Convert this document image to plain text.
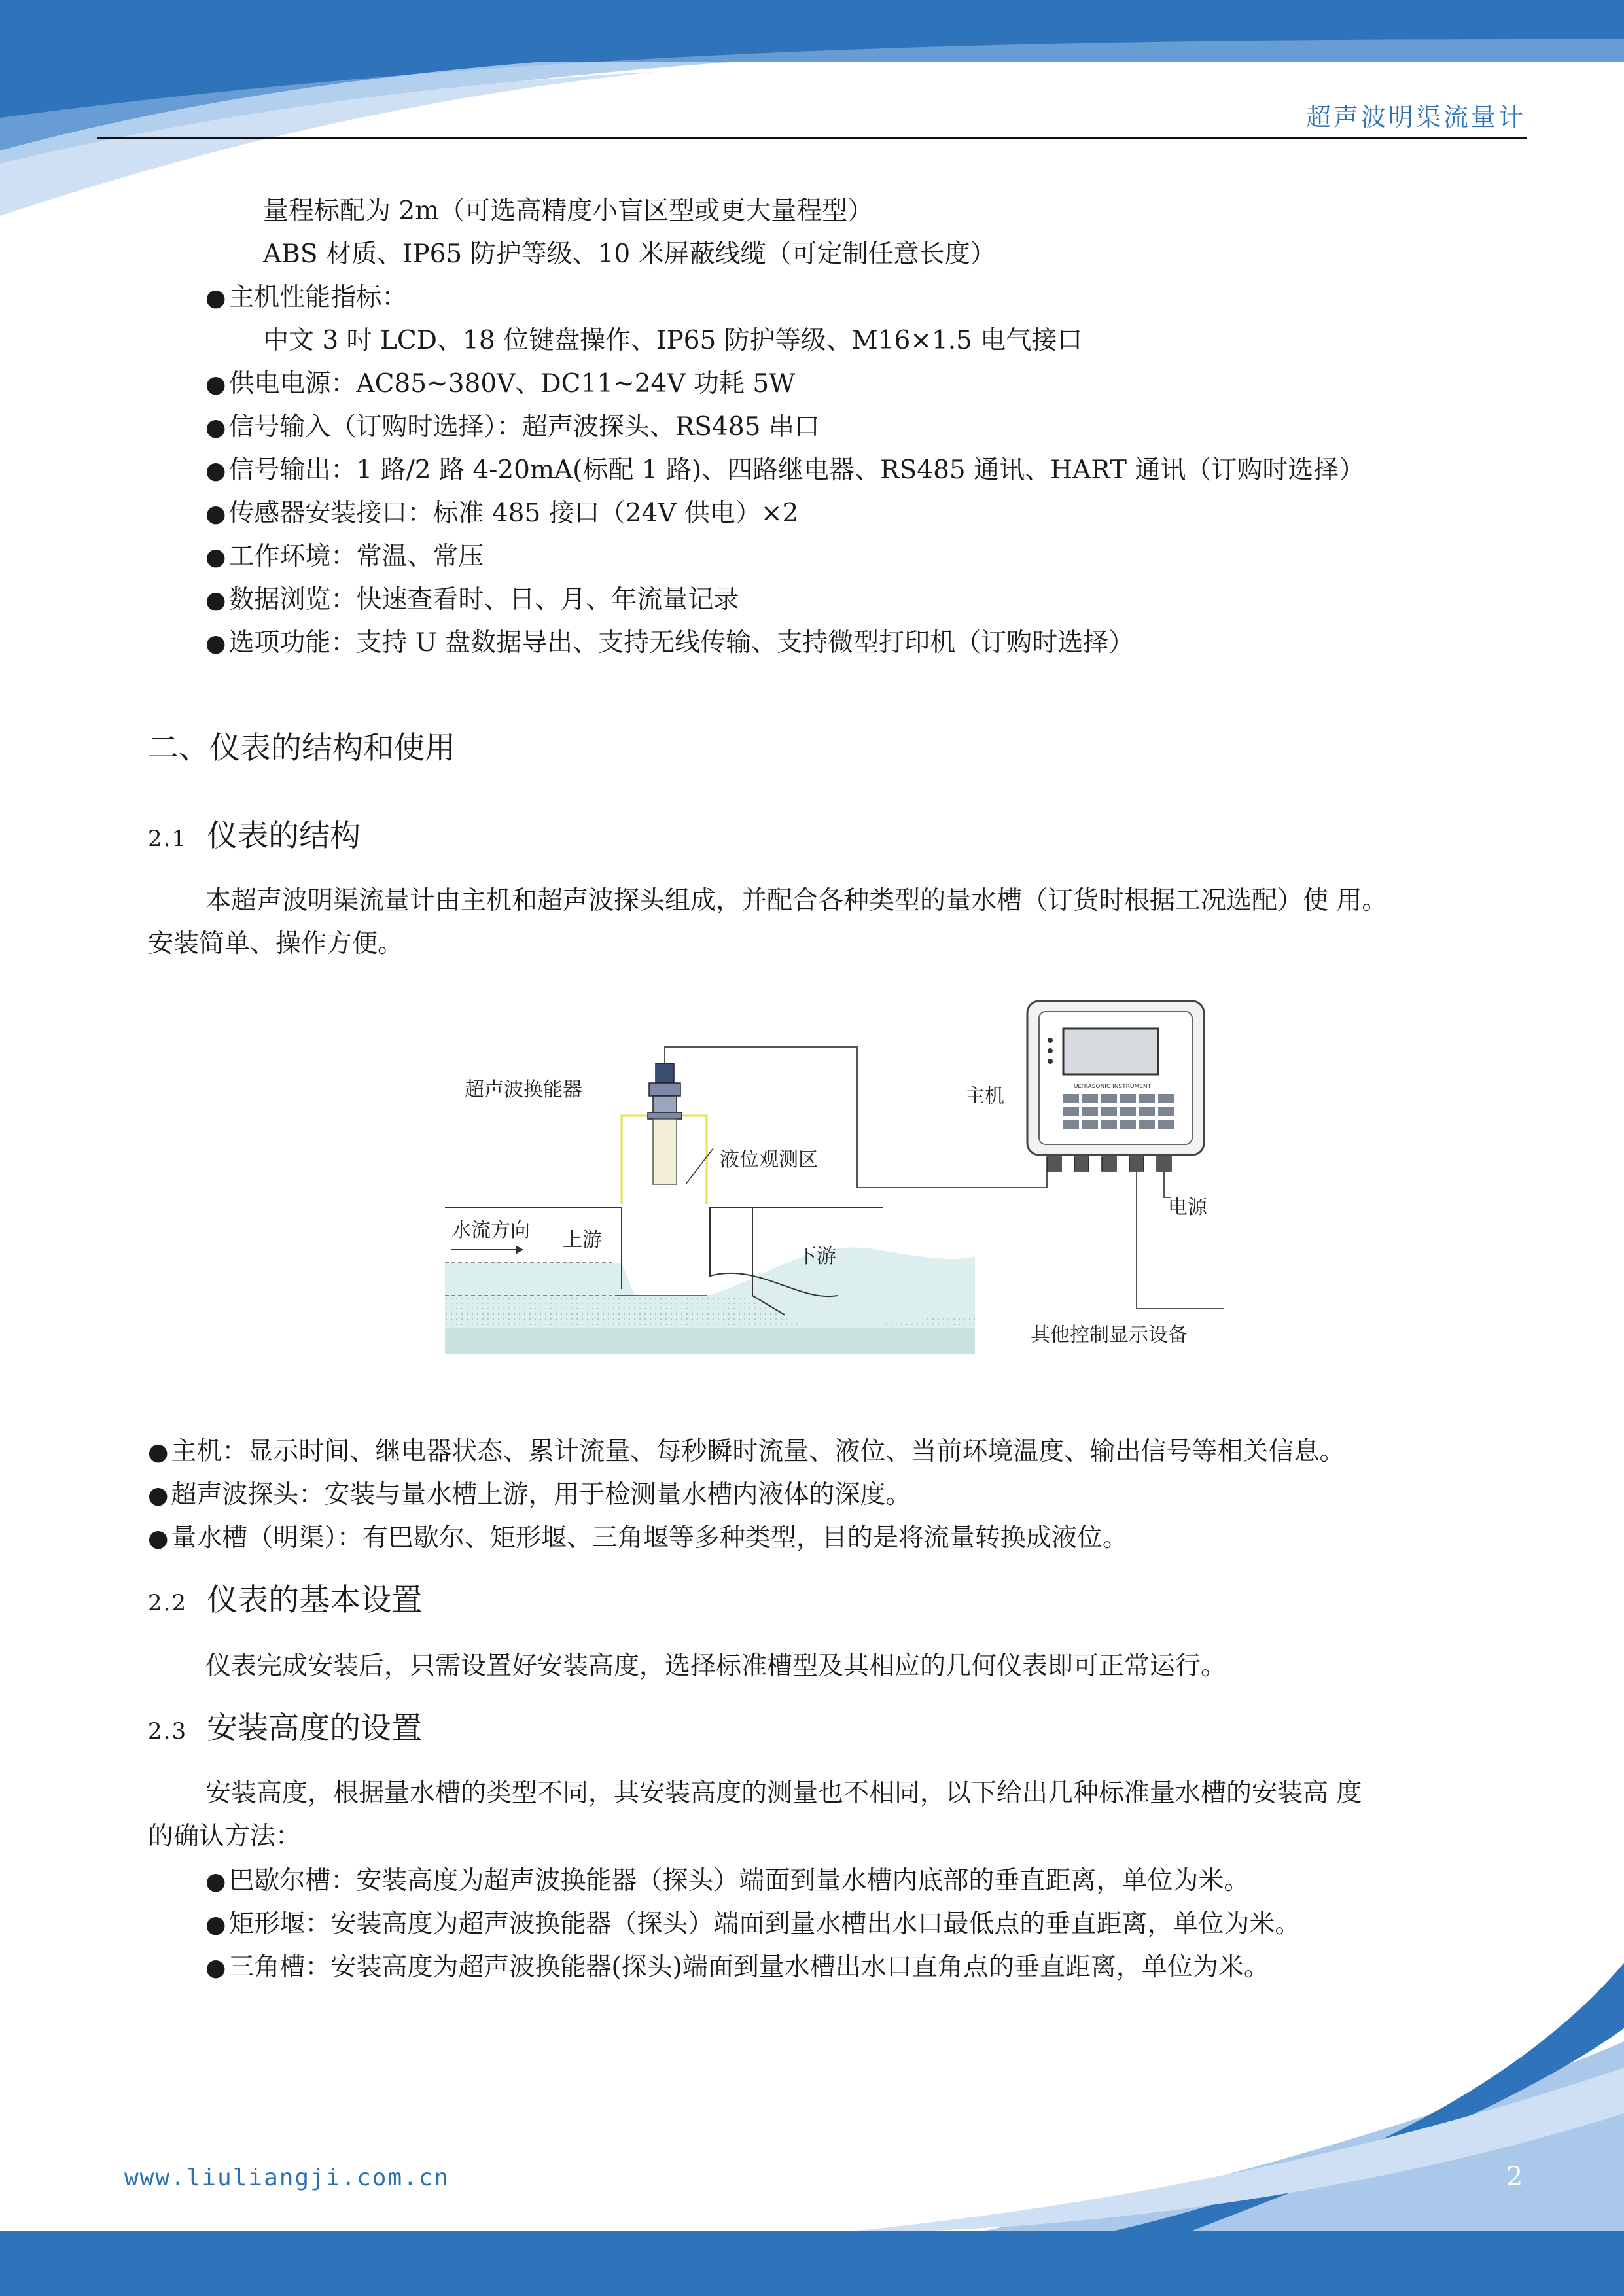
超声波明渠流量计
量程标配为 2m（可选高精度小盲区型或更大量程型）
ABS 材质、IP65 防护等级、10 米屏蔽线缆（可定制任意长度）
● 主机性能指标：
中文 3 吋 LCD、18 位键盘操作、IP65 防护等级、M16×1.5 电气接口
● 供电电源：AC85~380V、DC11~24V 功耗 5W
● 信号输入（订购时选择）：超声波探头、RS485 串口
● 信号输出：1 路/2 路 4-20mA(标配 1 路)、四路继电器、RS485 通讯、HART 通讯（订购时选择）
● 传感器安装接口：标准 485 接口（24V 供电）×2
● 工作环境：常温、常压
● 数据浏览：快速查看时、日、月、年流量记录
● 选项功能：支持 U 盘数据导出、支持无线传输、支持微型打印机（订购时选择）
二、仪表的结构和使用
2.1 仪表的结构
本超声波明渠流量计由主机和超声波探头组成，并配合各种类型的量水槽（订货时根据工况选配）使 用。
安装简单、操作方便。
ULTRASONIC INSTRUMENT
超声波换能器	主机
液位观测区
水流方向 上游
下游
电源
其他控制显示设备
● 主机：显示时间、继电器状态、累计流量、每秒瞬时流量、液位、当前环境温度、输出信号等相关信息。
● 超声波探头：安装与量水槽上游，用于检测量水槽内液体的深度。
● 量水槽（明渠）：有巴歇尔、矩形堰、三角堰等多种类型，目的是将流量转换成液位。
2.2 仪表的基本设置
仪表完成安装后，只需设置好安装高度，选择标准槽型及其相应的几何仪表即可正常运行。
2.3 安装高度的设置
安装高度，根据量水槽的类型不同，其安装高度的测量也不相同，以下给出几种标准量水槽的安装高 度
的确认方法：
● 巴歇尔槽：安装高度为超声波换能器（探头）端面到量水槽内底部的垂直距离，单位为米。
● 矩形堰：安装高度为超声波换能器（探头）端面到量水槽出水口最低点的垂直距离，单位为米。
● 三角槽：安装高度为超声波换能器(探头)端面到量水槽出水口直角点的垂直距离，单位为米。
www.liuliangji.com.cn	2
